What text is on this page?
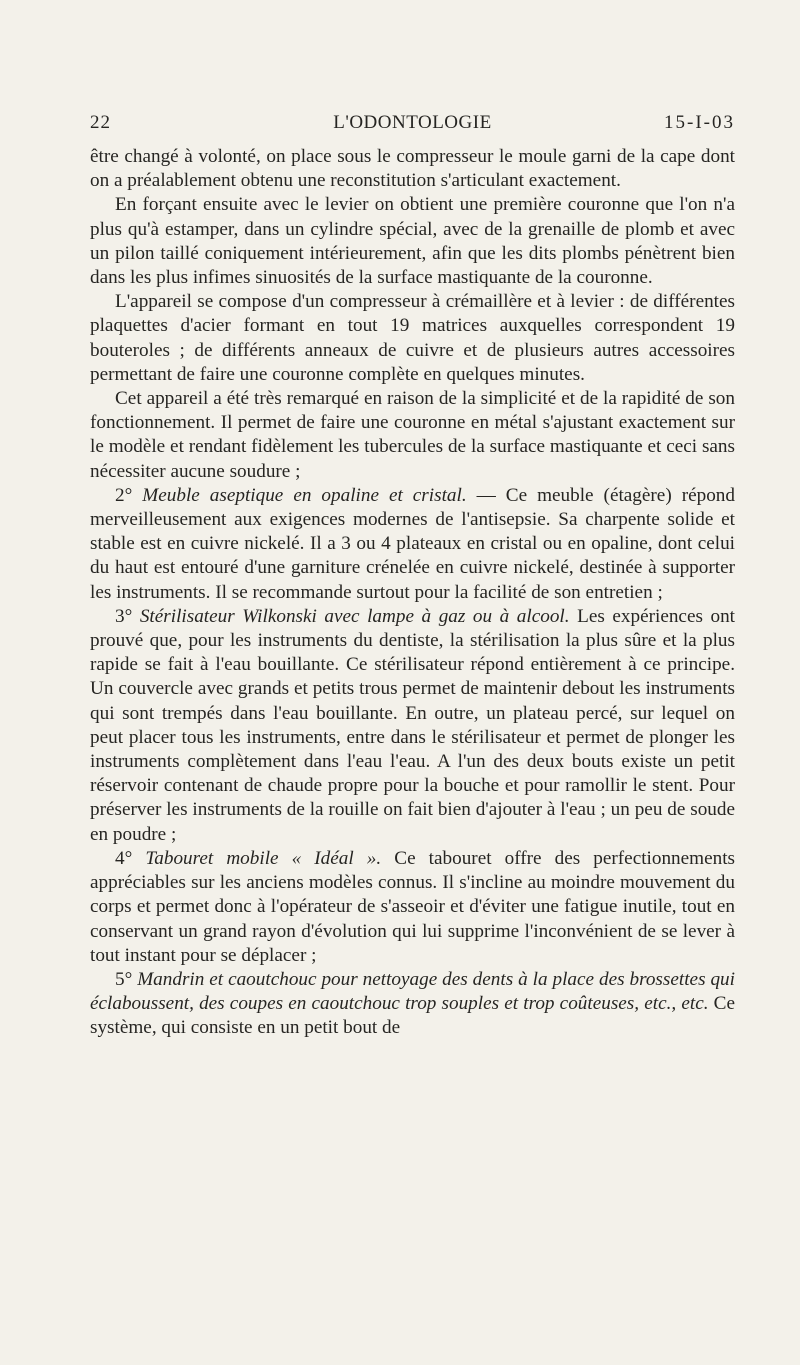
22	L'ODONTOLOGIE	15-I-03

être changé à volonté, on place sous le compresseur le moule garni de la cape dont on a préalablement obtenu une reconstitution s'articulant exactement.

En forçant ensuite avec le levier on obtient une première couronne que l'on n'a plus qu'à estamper, dans un cylindre spécial, avec de la grenaille de plomb et avec un pilon taillé coniquement intérieurement, afin que les dits plombs pénètrent bien dans les plus infimes sinuosités de la surface mastiquante de la couronne.

L'appareil se compose d'un compresseur à crémaillère et à levier : de différentes plaquettes d'acier formant en tout 19 matrices auxquelles correspondent 19 bouteroles ; de différents anneaux de cuivre et de plusieurs autres accessoires permettant de faire une couronne complète en quelques minutes.

Cet appareil a été très remarqué en raison de la simplicité et de la rapidité de son fonctionnement. Il permet de faire une couronne en métal s'ajustant exactement sur le modèle et rendant fidèlement les tubercules de la surface mastiquante et ceci sans nécessiter aucune soudure ;

2° Meuble aseptique en opaline et cristal. — Ce meuble (étagère) répond merveilleusement aux exigences modernes de l'antisepsie. Sa charpente solide et stable est en cuivre nickelé. Il a 3 ou 4 plateaux en cristal ou en opaline, dont celui du haut est entouré d'une garniture crénelée en cuivre nickelé, destinée à supporter les instruments. Il se recommande surtout pour la facilité de son entretien ;

3° Stérilisateur Wilkonski avec lampe à gaz ou à alcool. Les expériences ont prouvé que, pour les instruments du dentiste, la stérilisation la plus sûre et la plus rapide se fait à l'eau bouillante. Ce stérilisateur répond entièrement à ce principe. Un couvercle avec grands et petits trous permet de maintenir debout les instruments qui sont trempés dans l'eau bouillante. En outre, un plateau percé, sur lequel on peut placer tous les instruments, entre dans le stérilisateur et permet de plonger les instruments complètement dans l'eau l'eau. A l'un des deux bouts existe un petit réservoir contenant de chaude propre pour la bouche et pour ramollir le stent. Pour préserver les instruments de la rouille on fait bien d'ajouter à l'eau ; un peu de soude en poudre ;

4° Tabouret mobile « Idéal ». Ce tabouret offre des perfectionnements appréciables sur les anciens modèles connus. Il s'incline au moindre mouvement du corps et permet donc à l'opérateur de s'asseoir et d'éviter une fatigue inutile, tout en conservant un grand rayon d'évolution qui lui supprime l'inconvénient de se lever à tout instant pour se déplacer ;

5° Mandrin et caoutchouc pour nettoyage des dents à la place des brossettes qui éclaboussent, des coupes en caoutchouc trop souples et trop coûteuses, etc., etc. Ce système, qui consiste en un petit bout de
